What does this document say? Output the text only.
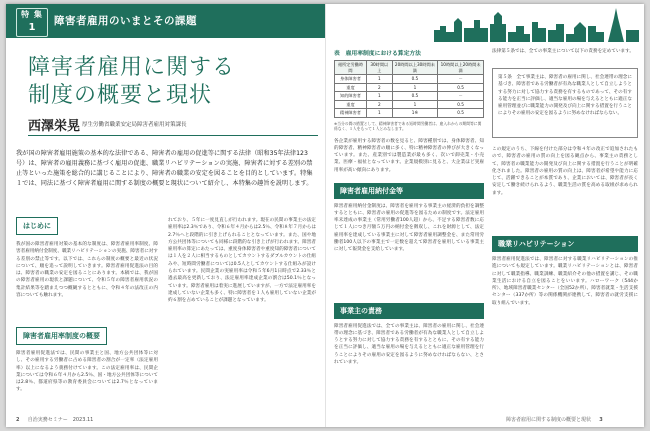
特 集
1
障害者雇用のいまとその課題
障害者雇用に関する
制度の概要と現状
西澤栄晃 厚生労働省職業安定局障害者雇用対策課長
我が国の障害者雇用施策の基本的な法律である、障害者の雇用の促進等に関する法律（昭和35年法律123号）は、障害者の雇用義務に基づく雇用の促進、職業リハビリテーションの実施、障害者に対する差別の禁止等といった施策を総合的に講じることにより、障害者の職業の安定を図ることを目的としています。特集１では、同法に基づく障害者雇用に関する制度の概要と現状について紹介し、本特集の趣旨を説明します。
はじめに
我が国の障害者雇用対策の基本的な制度は、障害者雇用率制度、障害者雇用納付金制度、職業リハビリテーションの実施、障害者に対する差別の禁止等です。以下では、これらの制度の概要と最近の状況について、順を追って説明していきます。障害者雇用促進法の目的は、障害者の職業の安定を図ることにあります。本稿では、我が国の障害者雇用の現状と課題について、令和５年の障害者雇用状況の集計結果等を踏まえつつ概観するとともに、令和４年の法改正の内容についても触れます。
障害者雇用率制度の概要
障害者雇用促進法では、民間の事業主と国、地方公共団体等に対し、その雇用する労働者に占める障害者の割合が一定率（法定雇用率）以上になるよう義務付けています。この法定雇用率は、民間企業については令和６年４月から2.5％、国・地方公共団体等については2.8％、都道府県等の教育委員会については2.7％となっています。
れており、５年に一度見直しが行われます。現在の民間の事業主の法定雇用率は2.3％であり、令和６年４月からは2.5％、令和８年７月からは2.7％へと段階的に引き上げられることとなっています。また、国や地方公共団体等についても同様に段階的な引き上げが行われます。障害者雇用率の算定にあたっては、重度身体障害者や重度知的障害者については１人を２人に相当するものとしてカウントするダブルカウントの仕組みや、短時間労働者については0.5人としてカウントする仕組みが設けられています。民間企業の実雇用率は令和５年6月1日時点で2.33％と過去最高を更新しており、法定雇用率達成企業の割合は50.1％となっています。障害者雇用は着実に進展していますが、一方で法定雇用率を達成していない企業も多く、特に障害者を１人も雇用していない企業が約６割を占めていることが課題となっています。
2 　 自治実務セミナー　2023.11
表　雇用率制度における算定方法
週所定労働時間	30時間以上	20時間以上30時間未満	10時間以上20時間未満
身体障害者	1	0.5	－
重度	2	1	0.5
知的障害者	1	0.5	－
重度	2	1	0.5
精神障害者	1	1※	0.5
※当分の間の措置として、精神障害者である短時間労働者は、雇入れからの期間等に関係なく、１人をもって１人とみなします。
各企業が雇用する障害者の数を見ると、障害種別では、身体障害者、知的障害者、精神障害者の順に多く、特に精神障害者の伸びが大きくなっています。また、産業別では製造業が最も多く、次いで卸売業・小売業、医療・福祉となっています。企業規模別に見ると、大企業ほど実雇用率が高い傾向にあります。
障害者雇用納付金等
障害者雇用納付金制度は、障害者を雇用する事業主の経済的負担を調整するとともに、障害者の雇用の促進等を図るための制度です。法定雇用率未達成の事業主（常用労働者100人超）から、不足する障害者数に応じて１人につき月額５万円の納付金を徴収し、これを財源として、法定雇用率を達成している事業主に対して障害者雇用調整金を、また常用労働者100人以下の事業主で一定数を超えて障害者を雇用している事業主に対して報奨金を支給しています。
事業主の責務
障害者雇用促進法では、全ての事業主は、障害者の雇用に関し、社会連帯の理念に基づき、障害者である労働者が有為な職業人として自立しようとする努力に対して協力する責務を有するとともに、その有する能力を正当に評価し、適当な雇用の場を与えるとともに適正な雇用管理を行うことによりその雇用の安定を図るように努めなければならない、とされています。
法律第５条では、全ての事業主について以下の責務を定めています。
第５条　全て事業主は、障害者の雇用に関し、社会連帯の理念に基づき、障害者である労働者が有為な職業人として自立しようとする努力に対して協力する責務を有するものであって、その有する能力を正当に評価し、適当な雇用の場を与えるとともに適正な雇用管理並びに職業能力の開発及び向上に関する措置を行うことによりその雇用の安定を図るように努めなければならない。
この規定のうち、下線を付けた部分は令和４年の改正で追加されたもので、障害者の雇用の質の向上を図る観点から、事業主の責務として、障害者の職業能力の開発及び向上に関する措置を行うことが明確化されました。障害者の雇用の質の向上は、障害者が希望や能力に応じて、活躍できることが本質であり、企業においては、障害者が長く安定して働き続けられるよう、職業生活の質を高める取組が求められます。
職業リハビリテーション
障害者雇用促進法では、障害者に対する職業リハビリテーションの推進についても規定しています。職業リハビリテーションとは、障害者に対して職業指導、職業訓練、職業紹介その他の措置を講じ、その職業生活における自立を図ることをいいます。ハローワーク（544か所）、地域障害者職業センター（全国52か所）、障害者就業・生活支援センター（337か所）等の関係機関が連携して、障害者の就労支援に取り組んでいます。
障害者雇用に関する制度の概要と現状 　 3
